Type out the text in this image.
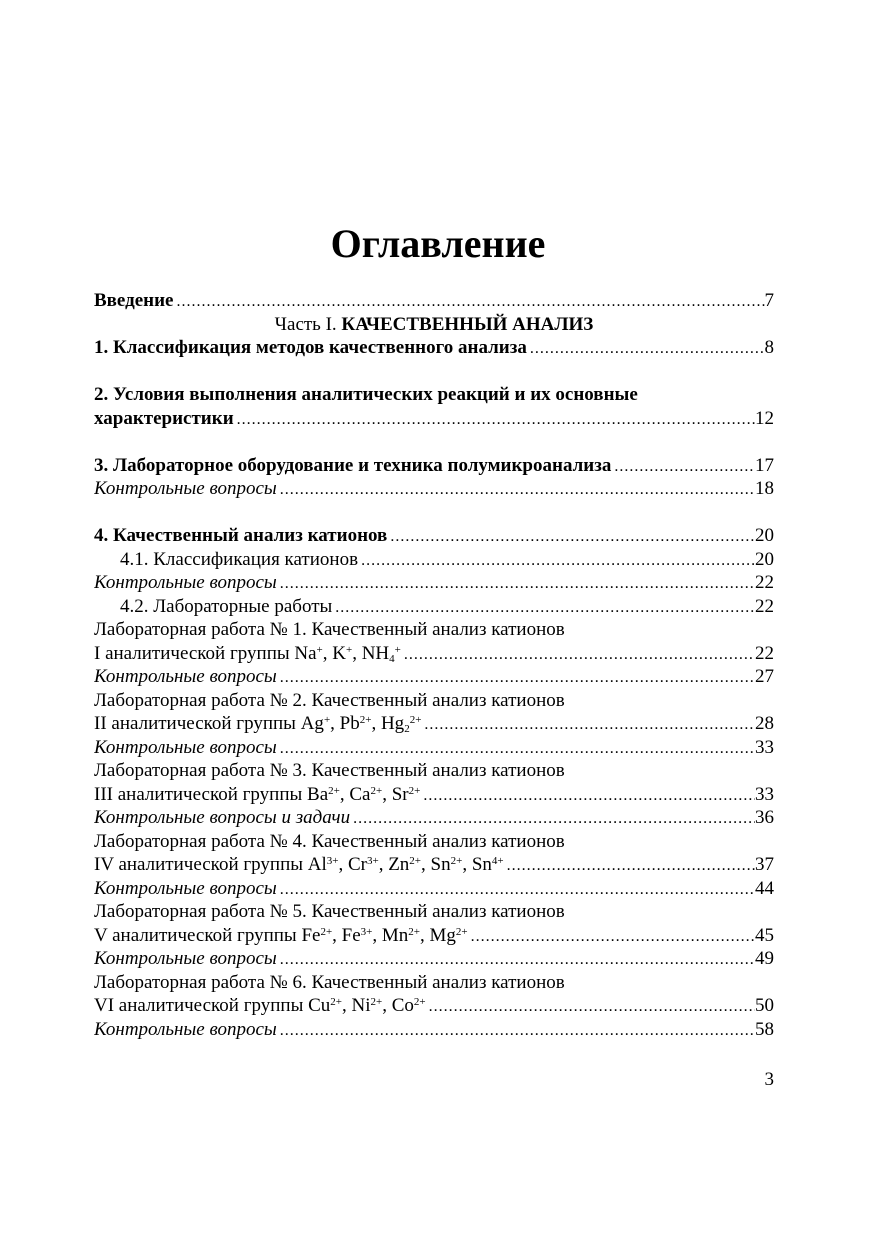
Оглавление
Введение .....	7
Часть I. КАЧЕСТВЕННЫЙ АНАЛИЗ
1. Классификация методов качественного анализа .....	8
2. Условия выполнения аналитических реакций и их основные
характеристики .....	12
3. Лабораторное оборудование и техника полумикроанализа .....	17
Контрольные вопросы .....	18
4. Качественный анализ катионов .....	20
4.1. Классификация катионов .....	20
Контрольные вопросы .....	22
4.2. Лабораторные работы .....	22
Лабораторная работа № 1. Качественный анализ катионов
I аналитической группы Na+, K+, $NH_4^+$ .....	22
Контрольные вопросы .....	27
Лабораторная работа № 2. Качественный анализ катионов
II аналитической группы Ag+, $Pb^{2+}$, $Hg_2^{2+}$ .....	28
Контрольные вопросы .....	33
Лабораторная работа № 3. Качественный анализ катионов
III аналитической группы $Ba^{2+}$, $Ca^{2+}$, $Sr^{2+}$ .....	33
Контрольные вопросы и задачи .....	36
Лабораторная работа № 4. Качественный анализ катионов
IV аналитической группы $Al^{3+}$, $Cr^{3+}$, $Zn^{2+}$, $Sn^{2+}$, $Sn^{4+}$ .....	37
Контрольные вопросы .....	44
Лабораторная работа № 5. Качественный анализ катионов
V аналитической группы $Fe^{2+}$, $Fe^{3+}$, $Mn^{2+}$, $Mg^{2+}$ .....	45
Контрольные вопросы .....	49
Лабораторная работа № 6. Качественный анализ катионов
VI аналитической группы $Cu^{2+}$, $Ni^{2+}$, $Co^{2+}$ .....	50
Контрольные вопросы .....	58
3
